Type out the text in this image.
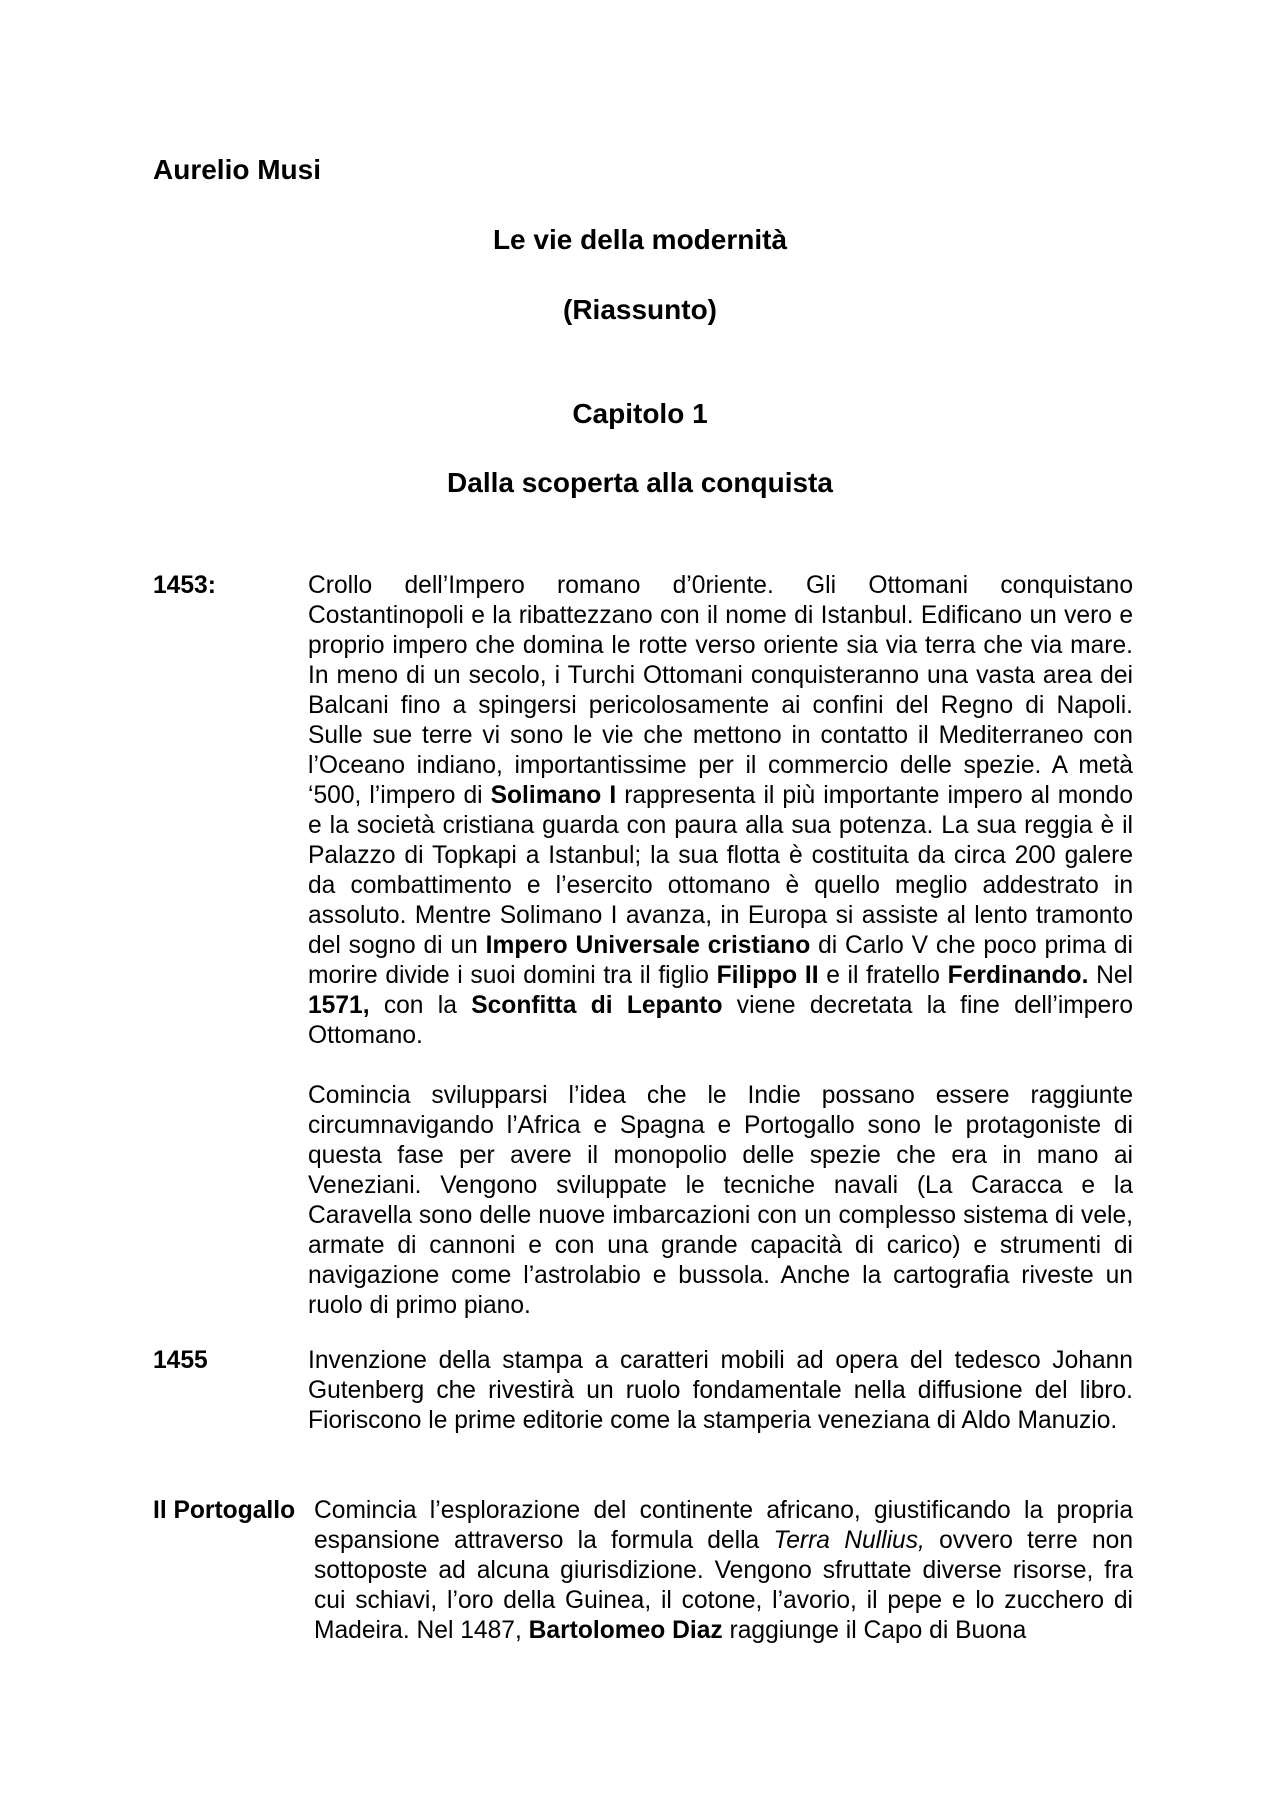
Aurelio Musi
Le vie della modernità
(Riassunto)
Capitolo 1
Dalla scoperta alla conquista
1453:	Crollo dell’Impero romano d’0riente. Gli Ottomani conquistano Costantinopoli e la ribattezzano con il nome di Istanbul. Edificano un vero e proprio impero che domina le rotte verso oriente sia via terra che via mare. In meno di un secolo, i Turchi Ottomani conquisteranno una vasta area dei Balcani fino a spingersi pericolosamente ai confini del Regno di Napoli. Sulle sue terre vi sono le vie che mettono in contatto il Mediterraneo con l’Oceano indiano, importantissime per il commercio delle spezie. A metà ‘500, l’impero di Solimano I rappresenta il più importante impero al mondo e la società cristiana guarda con paura alla sua potenza. La sua reggia è il Palazzo di Topkapi a Istanbul; la sua flotta è costituita da circa 200 galere da combattimento e l’esercito ottomano è quello meglio addestrato in assoluto. Mentre Solimano I avanza, in Europa si assiste al lento tramonto del sogno di un Impero Universale cristiano di Carlo V che poco prima di morire divide i suoi domini tra il figlio Filippo II e il fratello Ferdinando. Nel 1571, con la Sconfitta di Lepanto viene decretata la fine dell’impero Ottomano.

Comincia svilupparsi l’idea che le Indie possano essere raggiunte circumnavigando l’Africa e Spagna e Portogallo sono le protagoniste di questa fase per avere il monopolio delle spezie che era in mano ai Veneziani. Vengono sviluppate le tecniche navali (La Caracca e la Caravella sono delle nuove imbarcazioni con un complesso sistema di vele, armate di cannoni e con una grande capacità di carico) e strumenti di navigazione come l’astrolabio e bussola. Anche la cartografia riveste un ruolo di primo piano.

1455	Invenzione della stampa a caratteri mobili ad opera del tedesco Johann Gutenberg che rivestirà un ruolo fondamentale nella diffusione del libro. Fioriscono le prime editorie come la stamperia veneziana di Aldo Manuzio.

Il Portogallo Comincia l’esplorazione del continente africano, giustificando la propria espansione attraverso la formula della Terra Nullius, ovvero terre non sottoposte ad alcuna giurisdizione. Vengono sfruttate diverse risorse, fra cui schiavi, l’oro della Guinea, il cotone, l’avorio, il pepe e lo zucchero di Madeira. Nel 1487, Bartolomeo Diaz raggiunge il Capo di Buona
